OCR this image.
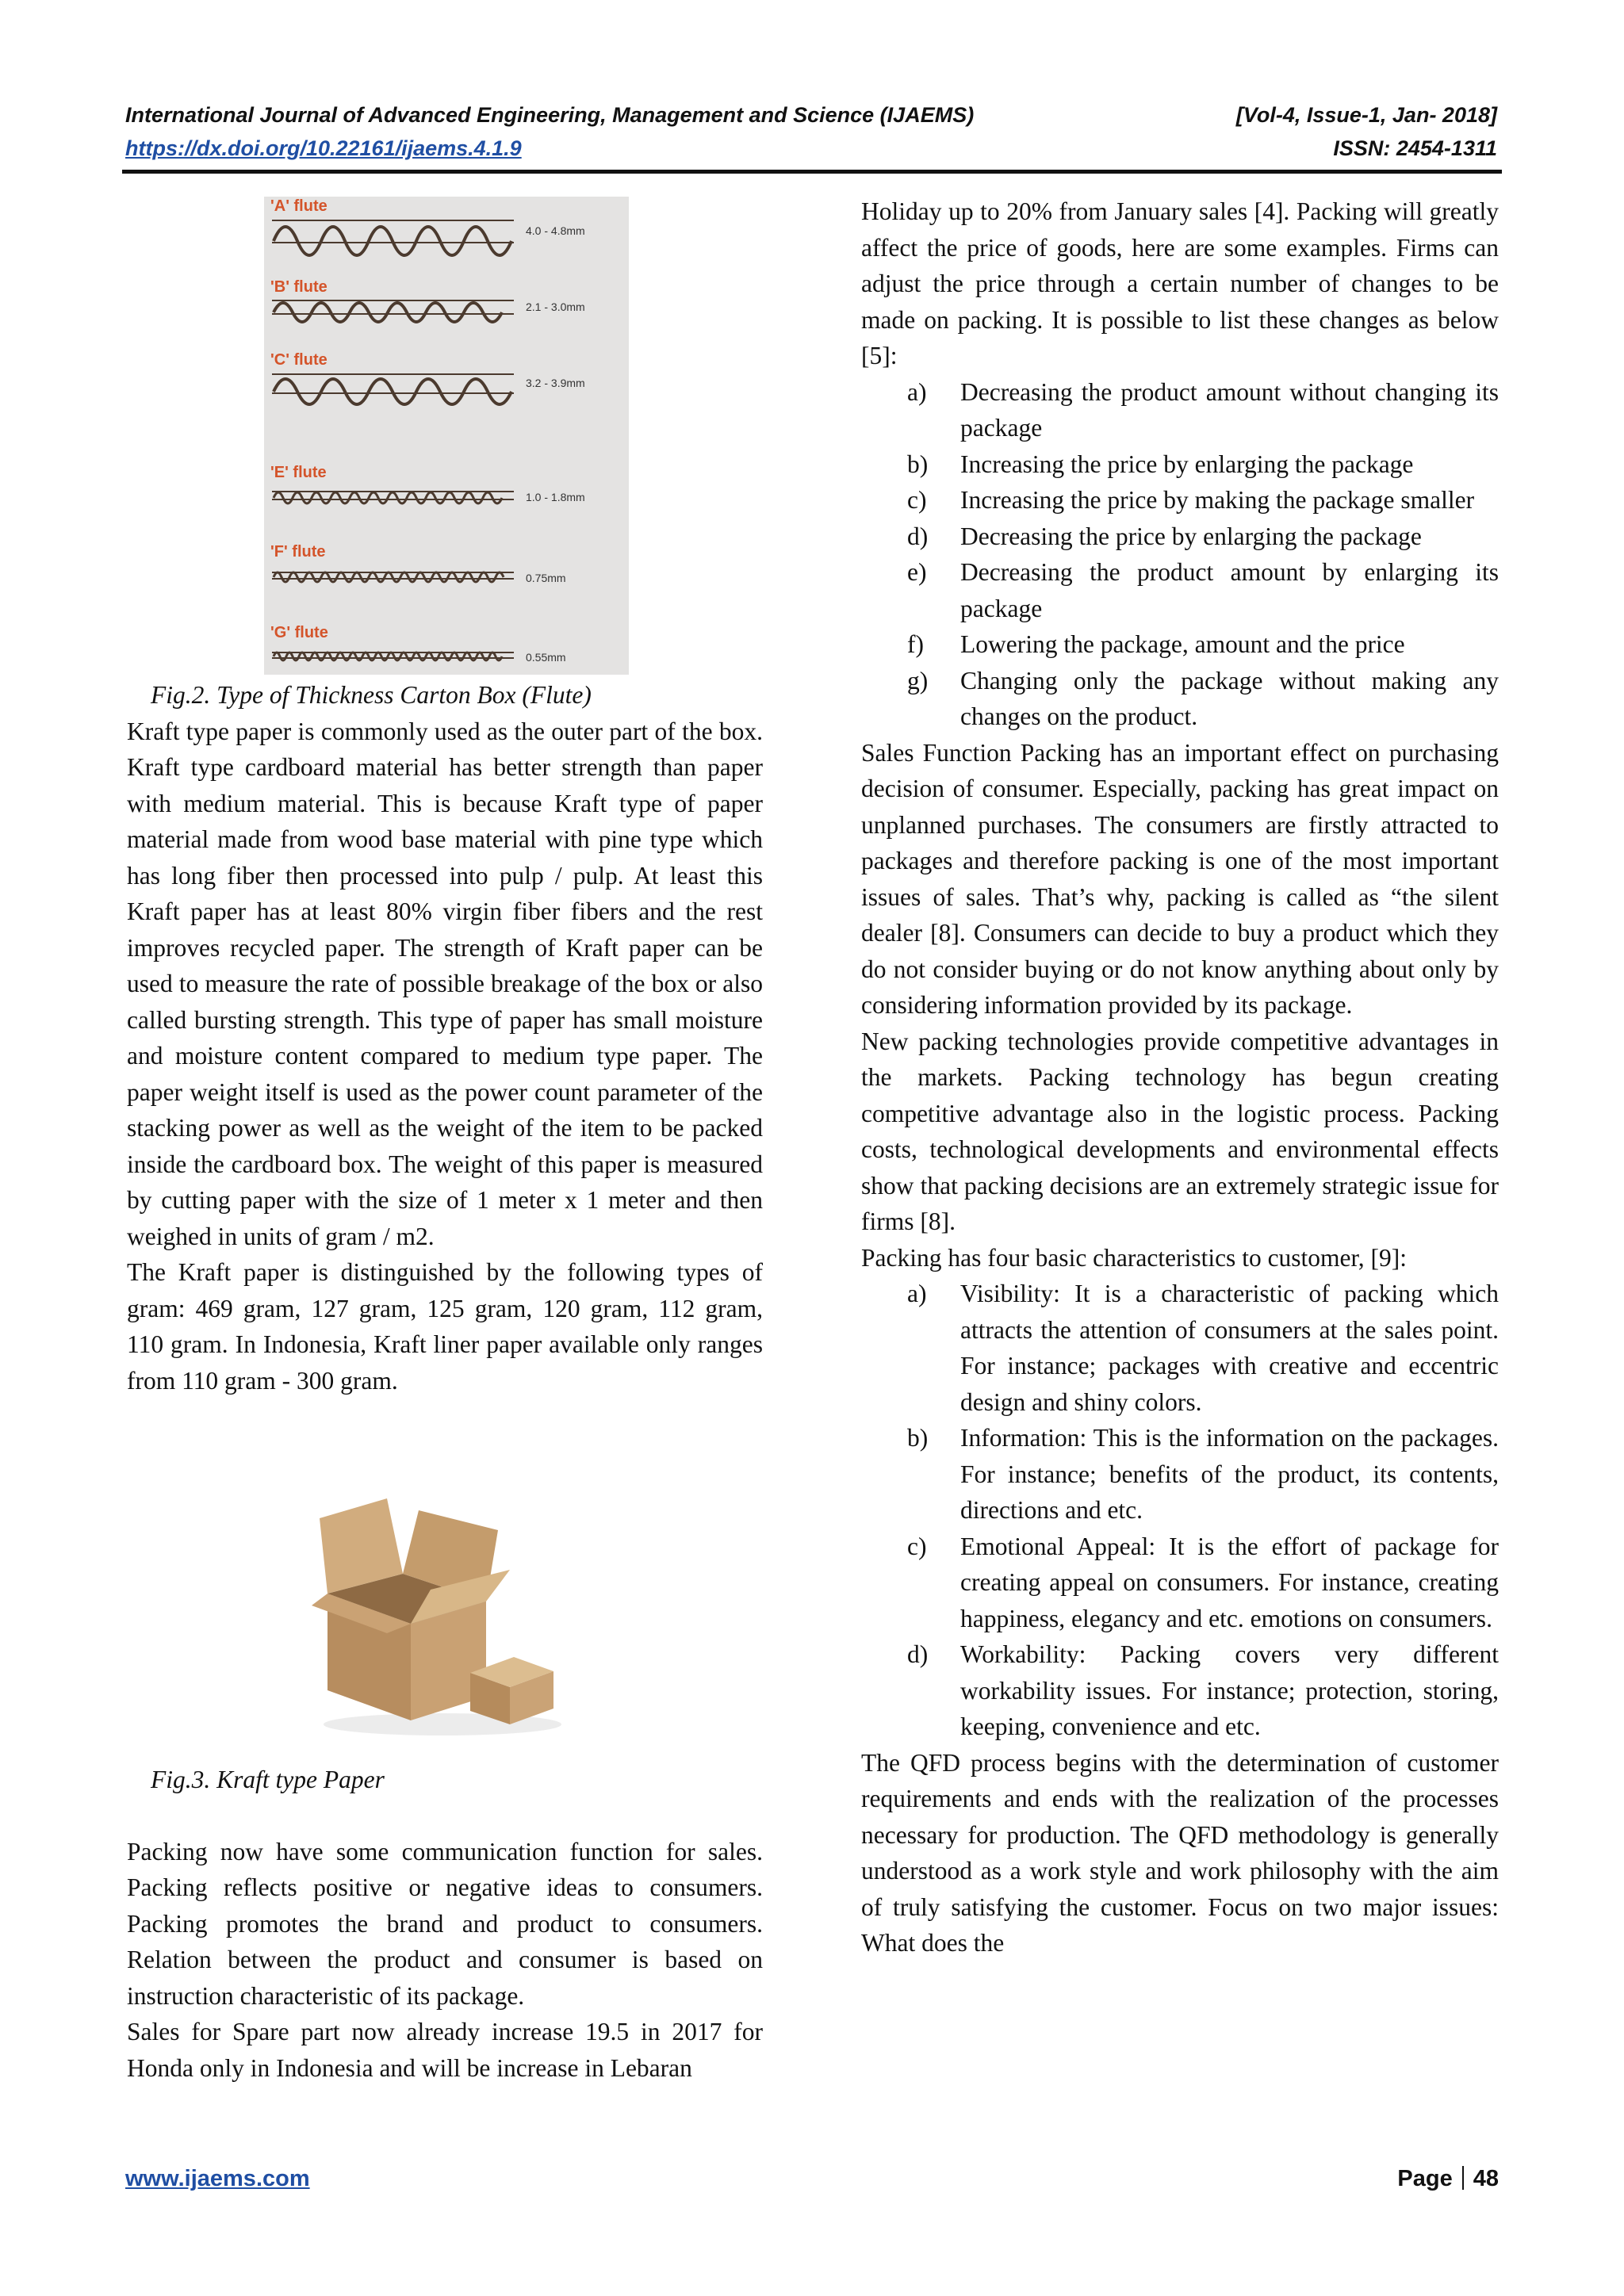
International Journal of Advanced Engineering, Management and Science (IJAEMS)	[Vol-4, Issue-1, Jan- 2018]
https://dx.doi.org/10.22161/ijaems.4.1.9	ISSN: 2454-1311
'A' flute
4.0 - 4.8mm
'B' flute
2.1 - 3.0mm
'C' flute
3.2 - 3.9mm
'E' flute
1.0 - 1.8mm
'F' flute
0.75mm
'G' flute
0.55mm

Fig.2. Type of Thickness Carton Box (Flute)

Kraft type paper is commonly used as the outer part of the box. Kraft type cardboard material has better strength than paper with medium material. This is because Kraft type of paper material made from wood base material with pine type which has long fiber then processed into pulp / pulp. At least this Kraft paper has at least 80% virgin fiber fibers and the rest improves recycled paper. The strength of Kraft paper can be used to measure the rate of possible breakage of the box or also called bursting strength. This type of paper has small moisture and moisture content compared to medium type paper. The paper weight itself is used as the power count parameter of the stacking power as well as the weight of the item to be packed inside the cardboard box. The weight of this paper is measured by cutting paper with the size of 1 meter x 1 meter and then weighed in units of gram / m2.

The Kraft paper is distinguished by the following types of gram: 469 gram, 127 gram, 125 gram, 120 gram, 112 gram, 110 gram. In Indonesia, Kraft liner paper available only ranges from 110 gram - 300 gram.

Fig.3. Kraft type Paper

Packing now have some communication function for sales. Packing reflects positive or negative ideas to consumers. Packing promotes the brand and product to consumers. Relation between the product and consumer is based on instruction characteristic of its package.

Sales for Spare part now already increase 19.5 in 2017 for Honda only in Indonesia and will be increase in Lebaran

Holiday up to 20% from January sales [4]. Packing will greatly affect the price of goods, here are some examples. Firms can adjust the price through a certain number of changes to be made on packing. It is possible to list these changes as below [5]:

a) Decreasing the product amount without changing its package
b) Increasing the price by enlarging the package
c) Increasing the price by making the package smaller
d) Decreasing the price by enlarging the package
e) Decreasing the product amount by enlarging its package
f) Lowering the package, amount and the price
g) Changing only the package without making any changes on the product.

Sales Function Packing has an important effect on purchasing decision of consumer. Especially, packing has great impact on unplanned purchases. The consumers are firstly attracted to packages and therefore packing is one of the most important issues of sales. That’s why, packing is called as “the silent dealer [8]. Consumers can decide to buy a product which they do not consider buying or do not know anything about only by considering information provided by its package.

New packing technologies provide competitive advantages in the markets. Packing technology has begun creating competitive advantage also in the logistic process. Packing costs, technological developments and environmental effects show that packing decisions are an extremely strategic issue for firms [8].

Packing has four basic characteristics to customer, [9]:

a) Visibility: It is a characteristic of packing which attracts the attention of consumers at the sales point. For instance; packages with creative and eccentric design and shiny colors.
b) Information: This is the information on the packages. For instance; benefits of the product, its contents, directions and etc.
c) Emotional Appeal: It is the effort of package for creating appeal on consumers. For instance, creating happiness, elegancy and etc. emotions on consumers.
d) Workability: Packing covers very different workability issues. For instance; protection, storing, keeping, convenience and etc.

The QFD process begins with the determination of customer requirements and ends with the realization of the processes necessary for production. The QFD methodology is generally understood as a work style and work philosophy with the aim of truly satisfying the customer. Focus on two major issues: What does the

www.ijaems.com	Page 48
